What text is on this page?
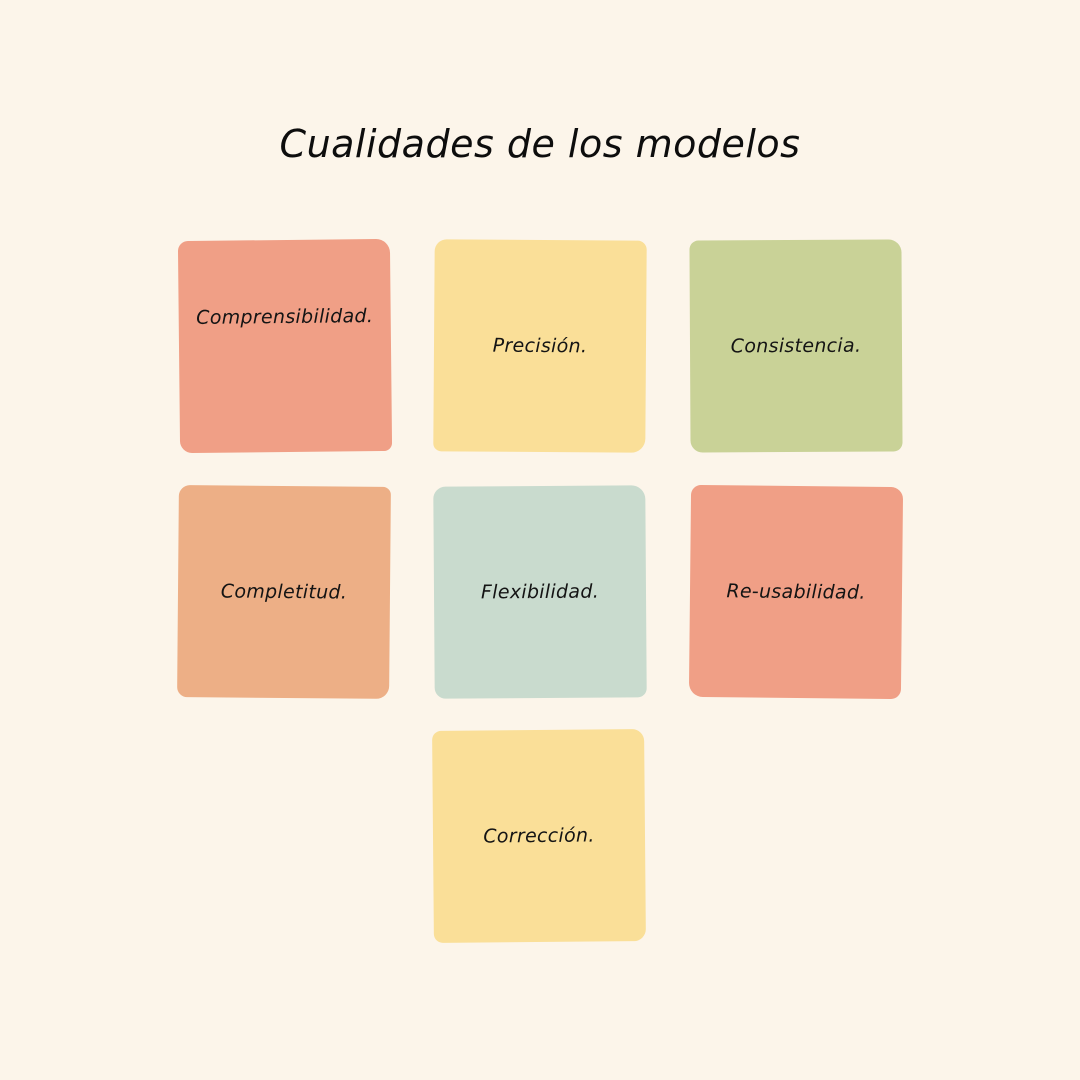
Cualidades de los modelos
Comprensibilidad.
Precisión.	Consistencia.
Completitud.	Flexibilidad.	Re-usabilidad.
Corrección.
